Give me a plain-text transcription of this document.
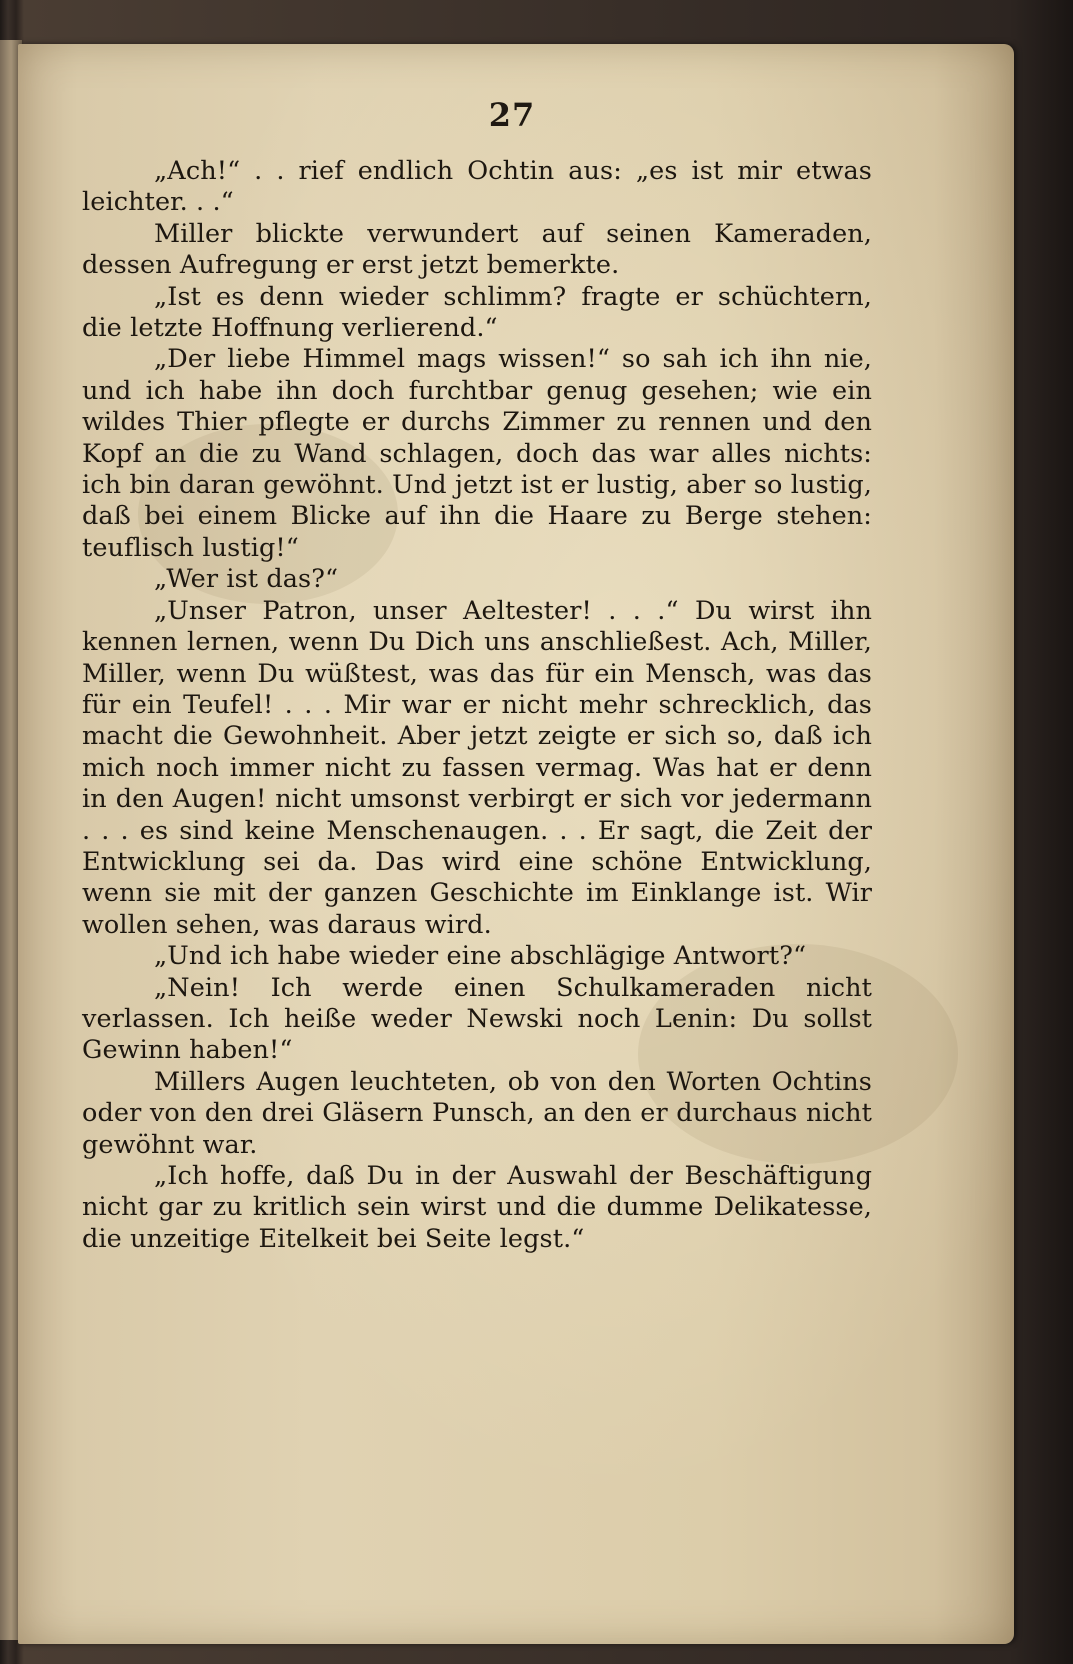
27

„Ach!“ . . rief endlich Ochtin aus: „es ist mir etwas leichter. . .“

Miller blickte verwundert auf seinen Kameraden, dessen Aufregung er erst jetzt bemerkte.

„Ist es denn wieder schlimm? fragte er schüchtern, die letzte Hoffnung verlierend.“

„Der liebe Himmel mags wissen!“ so sah ich ihn nie, und ich habe ihn doch furchtbar genug gesehen; wie ein wildes Thier pflegte er durchs Zimmer zu rennen und den Kopf an die zu Wand schlagen, doch das war alles nichts: ich bin daran gewöhnt. Und jetzt ist er lustig, aber so lustig, daß bei einem Blicke auf ihn die Haare zu Berge stehen: teuflisch lustig!“

„Wer ist das?“

„Unser Patron, unser Aeltester! . . .“ Du wirst ihn kennen lernen, wenn Du Dich uns anschließest. Ach, Miller, Miller, wenn Du wüßtest, was das für ein Mensch, was das für ein Teufel! . . . Mir war er nicht mehr schrecklich, das macht die Gewohnheit. Aber jetzt zeigte er sich so, daß ich mich noch immer nicht zu fassen vermag. Was hat er denn in den Augen! nicht umsonst verbirgt er sich vor jedermann . . . es sind keine Menschenaugen. . . Er sagt, die Zeit der Entwicklung sei da. Das wird eine schöne Entwicklung, wenn sie mit der ganzen Geschichte im Einklange ist. Wir wollen sehen, was daraus wird.

„Und ich habe wieder eine abschlägige Antwort?“

„Nein! Ich werde einen Schulkameraden nicht verlassen. Ich heiße weder Newski noch Lenin: Du sollst Gewinn haben!“

Millers Augen leuchteten, ob von den Worten Ochtins oder von den drei Gläsern Punsch, an den er durchaus nicht gewöhnt war.

„Ich hoffe, daß Du in der Auswahl der Beschäftigung nicht gar zu kritlich sein wirst und die dumme Delikatesse, die unzeitige Eitelkeit bei Seite legst.“
